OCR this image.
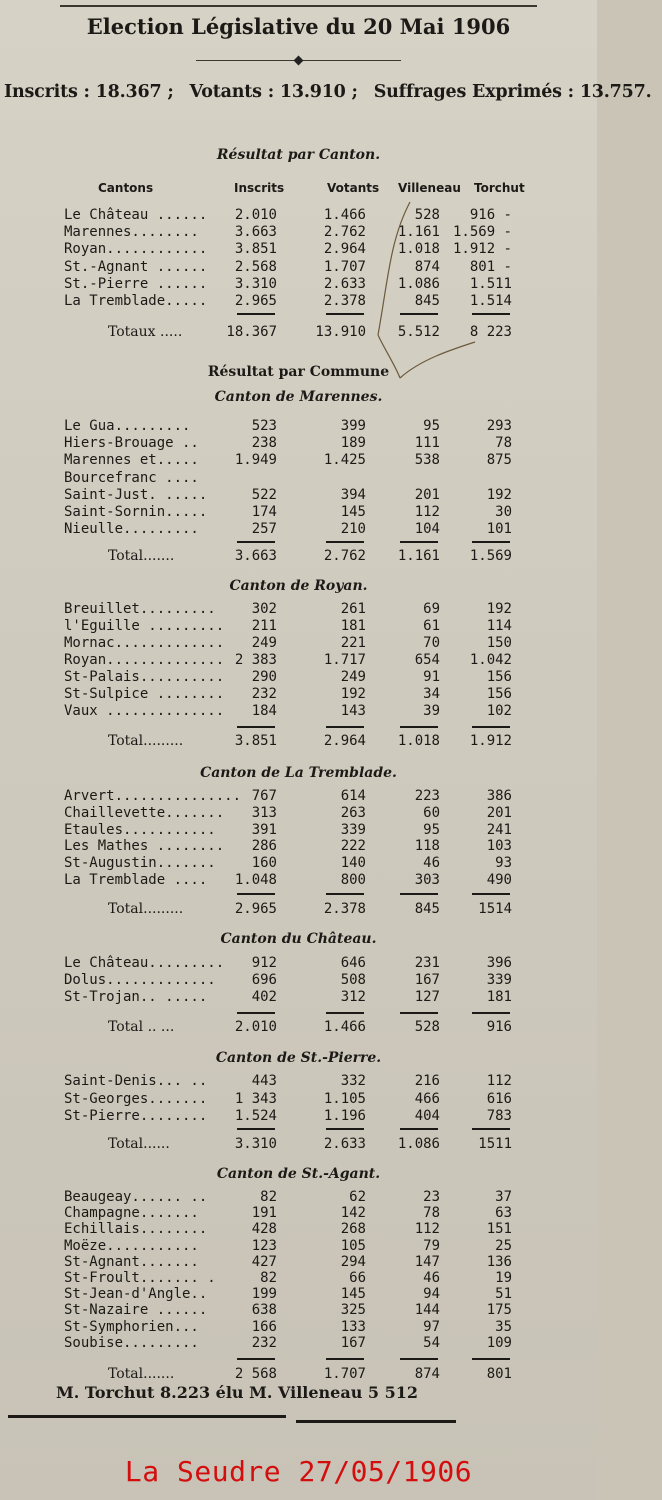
Election Législative du 20 Mai 1906
Inscrits : 18.367 ; Votants : 13.910 ; Suffrages Exprimés : 13.757.
Résultat par Canton.
Cantons	Inscrits	Votants Villeneau Torchut
Le Château ......	2.010	1.466	528	916 -
Marennes........	3.663	2.762	1.161 1.569 -
Royan............	3.851	2.964	1.018 1.912 -
St.-Agnant ......	2.568	1.707	874	801 -
St.-Pierre ......	3.310	2.633	1.086	1.511
La Tremblade.....	2.965	2.378	845	1.514
Totaux .....	18.367	13.910	5.512	8 223
Résultat par Commune
Canton de Marennes.
Le Gua.........	523	399	95	293
Hiers-Brouage ..	238	189	111	78
Marennes et.....	1.949	1.425	538	875
Bourcefranc ....
Saint-Just. .....	522	394	201	192
Saint-Sornin.....	174	145	112	30
Nieulle.........	257	210	104	101
Total.......	3.663	2.762	1.161	1.569
Canton de Royan.
Breuillet.........	302	261	69	192
l'Eguille .........	211	181	61	114
Mornac.............	249	221	70	150
Royan.............. 2 383	1.717	654	1.042
St-Palais..........	290	249	91	156
St-Sulpice ........	232	192	34	156
Vaux ..............	184	143	39	102
Total.........	3.851	2.964	1.018	1.912
Canton de La Tremblade.
Arvert............... 767	614	223	386
Chaillevette.......	313	263	60	201
Etaules...........	391	339	95	241
Les Mathes ........	286	222	118	103
St-Augustin.......	160	140	46	93
La Tremblade ....	1.048	800	303	490
Total.........	2.965	2.378	845	1514
Canton du Château.
Le Château.........	912	646	231	396
Dolus.............	696	508	167	339
St-Trojan.. .....	402	312	127	181
Total .. ...	2.010	1.466	528	916
Canton de St.-Pierre.
Saint-Denis... ..	443	332	216	112
St-Georges.......	1 343	1.105	466	616
St-Pierre........	1.524	1.196	404	783
Total......	3.310	2.633	1.086	1511
Canton de St.-Agant.
Beaugeay...... ..	82	62	23	37
Champagne.......	191	142	78	63
Echillais........	428	268	112	151
Moëze...........	123	105	79	25
St-Agnant.......	427	294	147	136
St-Froult....... .	82	66	46	19
St-Jean-d'Angle..	199	145	94	51
St-Nazaire ......	638	325	144	175
St-Symphorien...	166	133	97	35
Soubise.........	232	167	54	109
Total.......	2 568	1.707	874	801
M. Torchut 8.223 élu M. Villeneau 5 512
La Seudre 27/05/1906
